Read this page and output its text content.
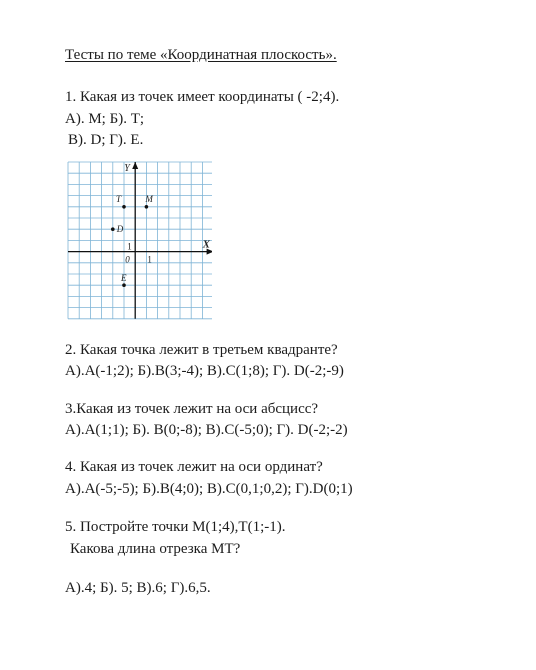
Тесты по теме «Координатная плоскость».
1. Какая из точек имеет координаты ( -2;4).
А). М; Б). Т;
В). D; Г). Е.
X
Y
0 1
1
T	M
D
E
2. Какая точка лежит в третьем квадранте?
А).А(-1;2); Б).В(3;-4); В).С(1;8); Г). D(-2;-9)
3.Какая из точек лежит на оси абсцисс?
А).А(1;1); Б). В(0;-8); В).С(-5;0); Г). D(-2;-2)
4. Какая из точек лежит на оси ординат?
А).А(-5;-5); Б).В(4;0); В).С(0,1;0,2); Г).D(0;1)
5. Постройте точки М(1;4),Т(1;-1).
Какова длина отрезка МТ?
А).4; Б). 5; В).6; Г).6,5.
